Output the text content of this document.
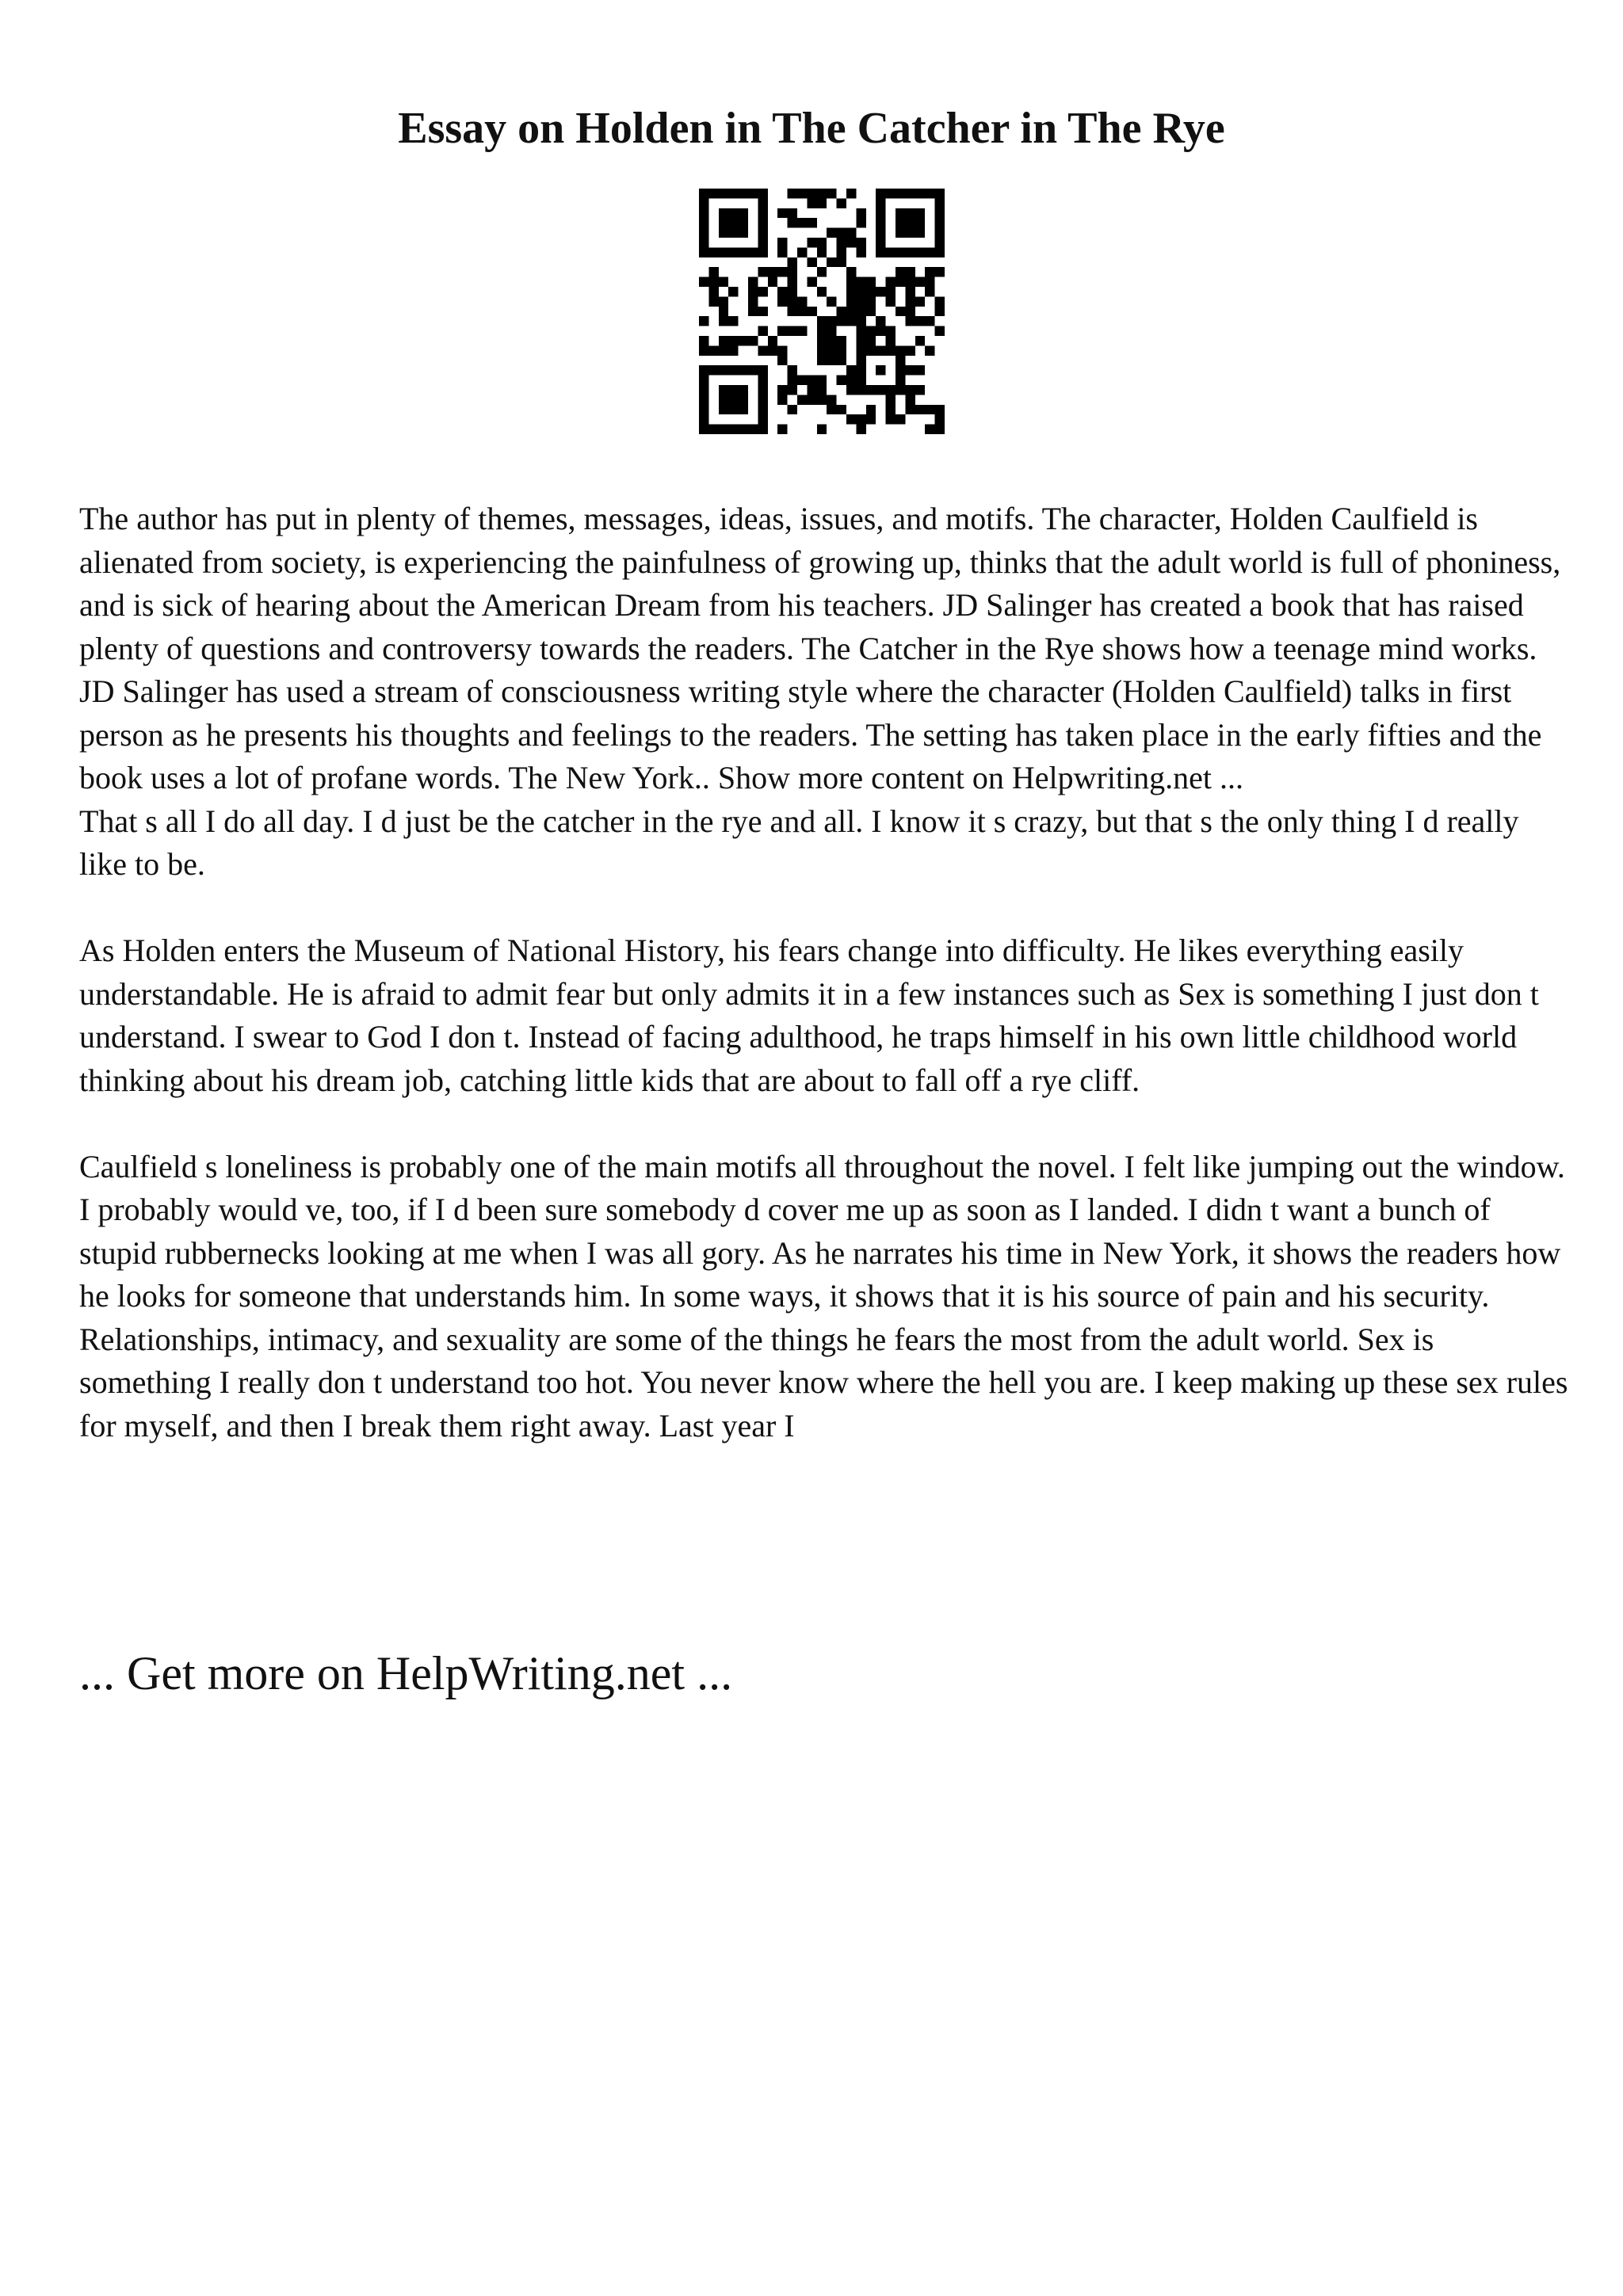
Essay on Holden in The Catcher in The Rye

The author has put in plenty of themes, messages, ideas, issues, and motifs. The character, Holden Caulfield is alienated from society, is experiencing the painfulness of growing up, thinks that the adult world is full of phoniness, and is sick of hearing about the American Dream from his teachers. JD Salinger has created a book that has raised plenty of questions and controversy towards the readers. The Catcher in the Rye shows how a teenage mind works. JD Salinger has used a stream of consciousness writing style where the character (Holden Caulfield) talks in first person as he presents his thoughts and feelings to the readers. The setting has taken place in the early fifties and the book uses a lot of profane words. The New York.. Show more content on Helpwriting.net ...

That s all I do all day. I d just be the catcher in the rye and all. I know it s crazy, but that s the only thing I d really like to be.

As Holden enters the Museum of National History, his fears change into difficulty. He likes everything easily understandable. He is afraid to admit fear but only admits it in a few instances such as Sex is something I just don t understand. I swear to God I don t. Instead of facing adulthood, he traps himself in his own little childhood world thinking about his dream job, catching little kids that are about to fall off a rye cliff.

Caulfield s loneliness is probably one of the main motifs all throughout the novel. I felt like jumping out the window. I probably would ve, too, if I d been sure somebody d cover me up as soon as I landed. I didn t want a bunch of stupid rubbernecks looking at me when I was all gory. As he narrates his time in New York, it shows the readers how he looks for someone that understands him. In some ways, it shows that it is his source of pain and his security. Relationships, intimacy, and sexuality are some of the things he fears the most from the adult world. Sex is something I really don t understand too hot. You never know where the hell you are. I keep making up these sex rules for myself, and then I break them right away. Last year I

... Get more on HelpWriting.net ...
